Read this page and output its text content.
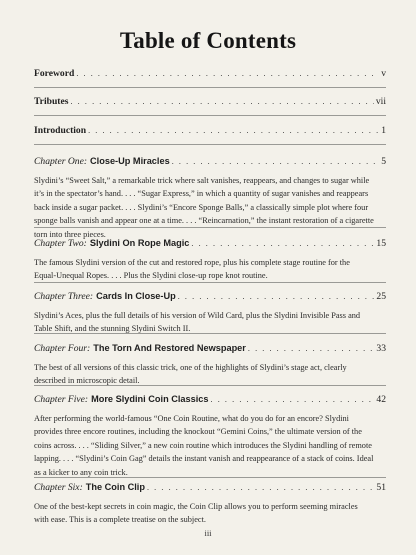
Table of Contents
Foreword . . .	v
Tributes . . .	vii
Introduction . . .	1
Chapter One: Close-Up Miracles . . .	5
Slydini’s “Sweet Salt,” a remarkable trick where salt vanishes, reappears, and changes to sugar while it’s in the spectator’s hand. . . . “Sugar Express,” in which a quantity of sugar vanishes and reappears back inside a sugar packet. . . . Slydini’s “Encore Sponge Balls,” a classically simple plot where four sponge balls vanish and appear one at a time. . . . “Reincarnation,” the instant restoration of a cigarette torn into three pieces.
Chapter Two: Slydini On Rope Magic . . .	15
The famous Slydini version of the cut and restored rope, plus his complete stage routine for the Equal-Unequal Ropes. . . . Plus the Slydini close-up rope knot routine.
Chapter Three: Cards In Close-Up . . .	25
Slydini’s Aces, plus the full details of his version of Wild Card, plus the Slydini Invisible Pass and Table Shift, and the stunning Slydini Switch II.
Chapter Four: The Torn And Restored Newspaper . . .	33
The best of all versions of this classic trick, one of the highlights of Slydini’s stage act, clearly described in microscopic detail.
Chapter Five: More Slydini Coin Classics . . .	42
After performing the world-famous “One Coin Routine, what do you do for an encore? Slydini provides three encore routines, including the knockout “Gemini Coins,” the ultimate version of the coins across. . . . “Sliding Silver,” a new coin routine which introduces the Slydini handling of remote lapping. . . . “Slydini’s Coin Gag” details the instant vanish and reappearance of a stack of coins. Ideal as a kicker to any coin trick.
Chapter Six: The Coin Clip . . .	51
One of the best-kept secrets in coin magic, the Coin Clip allows you to perform seeming miracles with ease. This is a complete treatise on the subject.
iii
